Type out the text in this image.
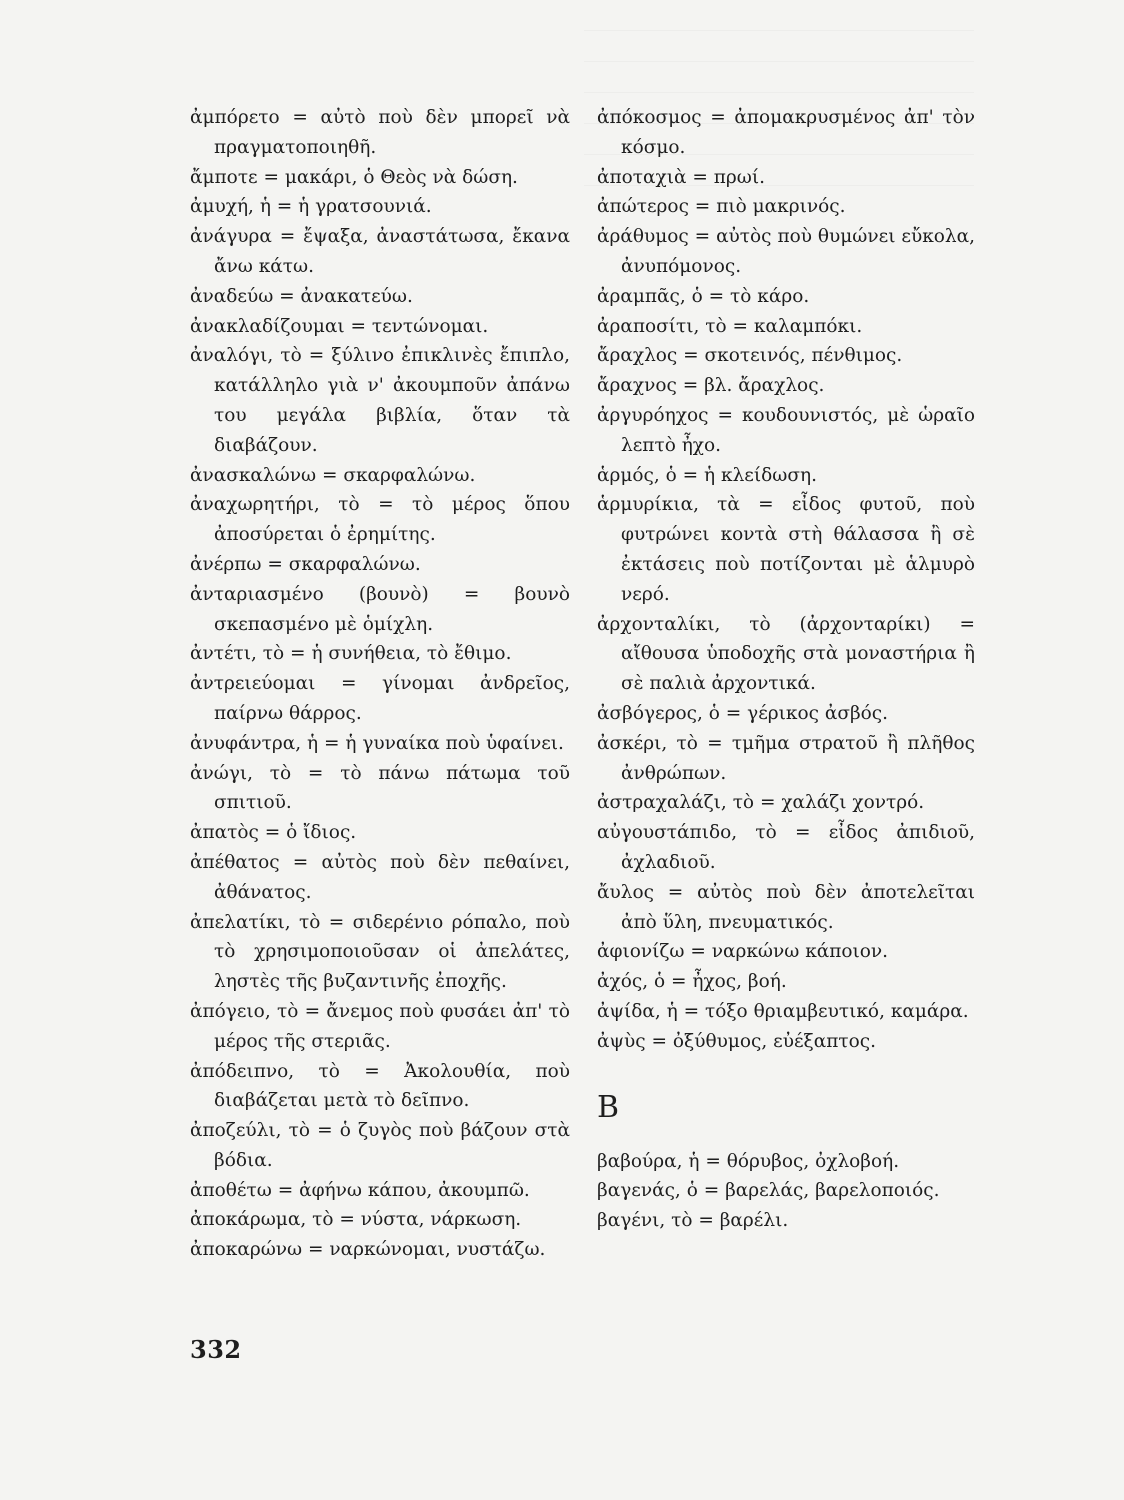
ἀμπόρετο = αὐτὸ ποὺ δὲν μπορεῖ νὰ πραγματοποιηθῆ.

ἄμποτε = μακάρι, ὁ Θεὸς νὰ δώση.

ἀμυχή, ἡ = ἡ γρατσουνιά.

ἀνάγυρα = ἔψαξα, ἀναστάτωσα, ἔκανα ἄνω κάτω.

ἀναδεύω = ἀνακατεύω.

ἀνακλαδίζουμαι = τεντώνομαι.

ἀναλόγι, τὸ = ξύλινο ἐπικλινὲς ἔπιπλο, κατάλληλο γιὰ ν' ἀκουμποῦν ἀπάνω του μεγάλα βιβλία, ὅταν τὰ διαβάζουν.

ἀνασκαλώνω = σκαρφαλώνω.

ἀναχωρητήρι, τὸ = τὸ μέρος ὅπου ἀποσύρεται ὁ ἐρημίτης.

ἀνέρπω = σκαρφαλώνω.

ἀνταριασμένο (βουνὸ) = βουνὸ σκεπασμένο μὲ ὁμίχλη.

ἀντέτι, τὸ = ἡ συνήθεια, τὸ ἔθιμο.

ἀντρειεύομαι = γίνομαι ἀνδρεῖος, παίρνω θάρρος.

ἀνυφάντρα, ἡ = ἡ γυναίκα ποὺ ὑφαίνει.

ἀνώγι, τὸ = τὸ πάνω πάτωμα τοῦ σπιτιοῦ.

ἀπατὸς = ὁ ἴδιος.

ἀπέθατος = αὐτὸς ποὺ δὲν πεθαίνει, ἀθάνατος.

ἀπελατίκι, τὸ = σιδερένιο ρόπαλο, ποὺ τὸ χρησιμοποιοῦσαν οἱ ἀπελάτες, ληστὲς τῆς βυζαντινῆς ἐποχῆς.

ἀπόγειο, τὸ = ἄνεμος ποὺ φυσάει ἀπ' τὸ μέρος τῆς στεριᾶς.

ἀπόδειπνο, τὸ = Ἀκολουθία, ποὺ διαβάζεται μετὰ τὸ δεῖπνο.

ἀποζεύλι, τὸ = ὁ ζυγὸς ποὺ βάζουν στὰ βόδια.

ἀποθέτω = ἀφήνω κάπου, ἀκουμπῶ.

ἀποκάρωμα, τὸ = νύστα, νάρκωση.

ἀποκαρώνω = ναρκώνομαι, νυστάζω.

ἀπόκοσμος = ἀπομακρυσμένος ἀπ' τὸν κόσμο.

ἀποταχιὰ = πρωί.

ἀπώτερος = πιὸ μακρινός.

ἀράθυμος = αὐτὸς ποὺ θυμώνει εὔκολα, ἀνυπόμονος.

ἀραμπᾶς, ὁ = τὸ κάρο.

ἀραποσίτι, τὸ = καλαμπόκι.

ἄραχλος = σκοτεινός, πένθιμος.

ἄραχνος = βλ. ἄραχλος.

ἀργυρόηχος = κουδουνιστός, μὲ ὡραῖο λεπτὸ ἦχο.

ἁρμός, ὁ = ἡ κλείδωση.

ἁρμυρίκια, τὰ = εἶδος φυτοῦ, ποὺ φυτρώνει κοντὰ στὴ θάλασσα ἢ σὲ ἐκτάσεις ποὺ ποτίζονται μὲ ἁλμυρὸ νερό.

ἀρχονταλίκι, τὸ (ἀρχονταρίκι) = αἴθουσα ὑποδοχῆς στὰ μοναστήρια ἢ σὲ παλιὰ ἀρχοντικά.

ἀσβόγερος, ὁ = γέρικος ἀσβός.

ἀσκέρι, τὸ = τμῆμα στρατοῦ ἢ πλῆθος ἀνθρώπων.

ἀστραχαλάζι, τὸ = χαλάζι χοντρό.

αὐγουστάπιδο, τὸ = εἶδος ἀπιδιοῦ, ἀχλαδιοῦ.

ἄυλος = αὐτὸς ποὺ δὲν ἀποτελεῖται ἀπὸ ὕλη, πνευματικός.

ἀφιονίζω = ναρκώνω κάποιον.

ἀχός, ὁ = ἦχος, βοή.

ἀψίδα, ἡ = τόξο θριαμβευτικό, καμάρα.

ἀψὺς = ὀξύθυμος, εὐέξαπτος.

Β

βαβούρα, ἡ = θόρυβος, ὀχλοβοή.

βαγενάς, ὁ = βαρελάς, βαρελοποιός.

βαγένι, τὸ = βαρέλι.

332
